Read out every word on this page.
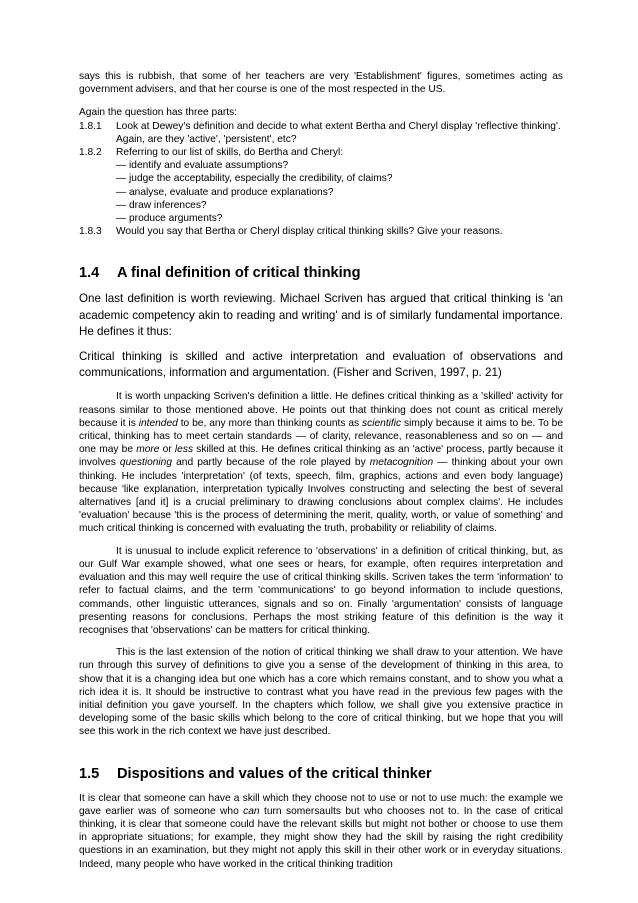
says this is rubbish, that some of her teachers are very 'Establishment' figures, sometimes acting as government advisers, and that her course is one of the most respected in the US.

Again the question has three parts:

1.8.1	Look at Dewey's definition and decide to what extent Bertha and Cheryl display 'reflective thinking'.
Again, are they 'active', 'persistent', etc?
1.8.2	Referring to our list of skills, do Bertha and Cheryl:
— identify and evaluate assumptions?
— judge the acceptability, especially the credibility, of claims?
— analyse, evaluate and produce explanations?
— draw inferences?
— produce arguments?
1.8.3	Would you say that Bertha or Cheryl display critical thinking skills? Give your reasons.
1.4	A final definition of critical thinking

One last definition is worth reviewing. Michael Scriven has argued that critical thinking is 'an academic competency akin to reading and writing' and is of similarly fundamental importance. He defines it thus:

Critical thinking is skilled and active interpretation and evaluation of observations and communications, information and argumentation. (Fisher and Scriven, 1997, p. 21)

It is worth unpacking Scriven's definition a little. He defines critical thinking as a 'skilled' activity for reasons similar to those mentioned above. He points out that thinking does not count as critical merely because it is intended to be, any more than thinking counts as scientific simply because it aims to be. To be critical, thinking has to meet certain standards — of clarity, relevance, reasonableness and so on — and one may be more or less skilled at this. He defines critical thinking as an 'active' process, partly because it involves questioning and partly because of the role played by metacognition — thinking about your own thinking. He includes 'interpretation' (of texts, speech, film, graphics, actions and even body language) because 'like explanation, interpretation typically Involves constructing and selecting the best of several alternatives [and it] is a crucial preliminary to drawing conclusions about complex claims'. He includes 'evaluation' because 'this is the process of determining the merit, quality, worth, or value of something' and much critical thinking is concerned with evaluating the truth, probability or reliability of claims.

It is unusual to include explicit reference to 'observations' in a definition of critical thinking, but, as our Gulf War example showed, what one sees or hears, for example, often requires interpretation and evaluation and this may well require the use of critical thinking skills. Scriven takes the term 'information' to refer to factual claims, and the term 'communications' to go beyond information to include questions, commands, other linguistic utterances, signals and so on. Finally 'argumentation' consists of language presenting reasons for conclusions. Perhaps the most striking feature of this definition is the way it recognises that 'observations' can be matters for critical thinking.

This is the last extension of the notion of critical thinking we shall draw to your attention. We have run through this survey of definitions to give you a sense of the development of thinking in this area, to show that it is a changing idea but one which has a core which remains constant, and to show you what a rich idea it is. It should be instructive to contrast what you have read in the previous few pages with the initial definition you gave yourself. In the chapters which follow, we shall give you extensive practice in developing some of the basic skills which belong to the core of critical thinking, but we hope that you will see this work in the rich context we have just described.

1.5	Dispositions and values of the critical thinker

It is clear that someone can have a skill which they choose not to use or not to use much: the example we gave earlier was of someone who can turn somersaults but who chooses not to. In the case of critical thinking, it is clear that someone could have the relevant skills but might not bother or choose to use them in appropriate situations; for example, they might show they had the skill by raising the right credibility questions in an examination, but they might not apply this skill in their other work or in everyday situations. Indeed, many people who have worked in the critical thinking tradition
